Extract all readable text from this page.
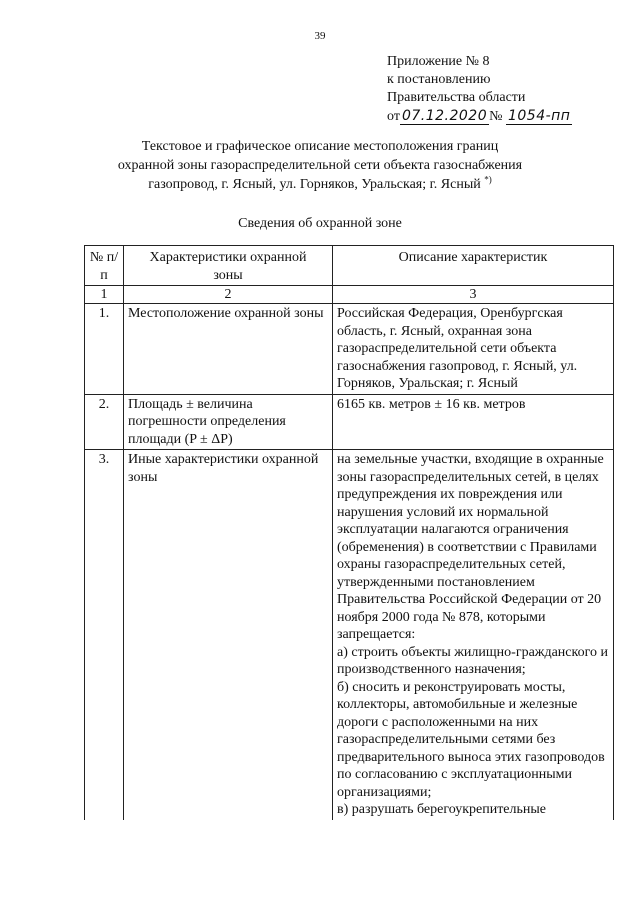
39
Приложение № 8
к постановлению
Правительства области
от 07.12.2020 № 1054-пп
Текстовое и графическое описание местоположения границ
охранной зоны газораспределительной сети объекта газоснабжения
газопровод, г. Ясный, ул. Горняков, Уральская; г. Ясный *)
Сведения об охранной зоне
№ п/п	Характеристики охранной зоны	Описание характеристик
1	2	3
1.	Местоположение охранной зоны	Российская Федерация, Оренбургская область, г. Ясный, охранная зона газораспределительной сети объекта газоснабжения газопровод, г. Ясный, ул. Горняков, Уральская; г. Ясный

2.	Площадь ± величина погрешности определения площади (P ± ΔP)	6165 кв. метров ± 16 кв. метров

3.	Иные характеристики охранной зоны	на земельные участки, входящие в охранные зоны газораспределительных сетей, в целях предупреждения их повреждения или нарушения условий их нормальной эксплуатации налагаются ограничения (обременения) в соответствии с Правилами охраны газораспределительных сетей, утвержденными постановлением Правительства Российской Федерации от 20 ноября 2000 года № 878, которыми запрещается:
а) строить объекты жилищно-гражданского и производственного назначения;
б) сносить и реконструировать мосты, коллекторы, автомобильные и железные дороги с расположенными на них газораспределительными сетями без предварительного выноса этих газопроводов по согласованию с эксплуатационными организациями;
в) разрушать берегоукрепительные
